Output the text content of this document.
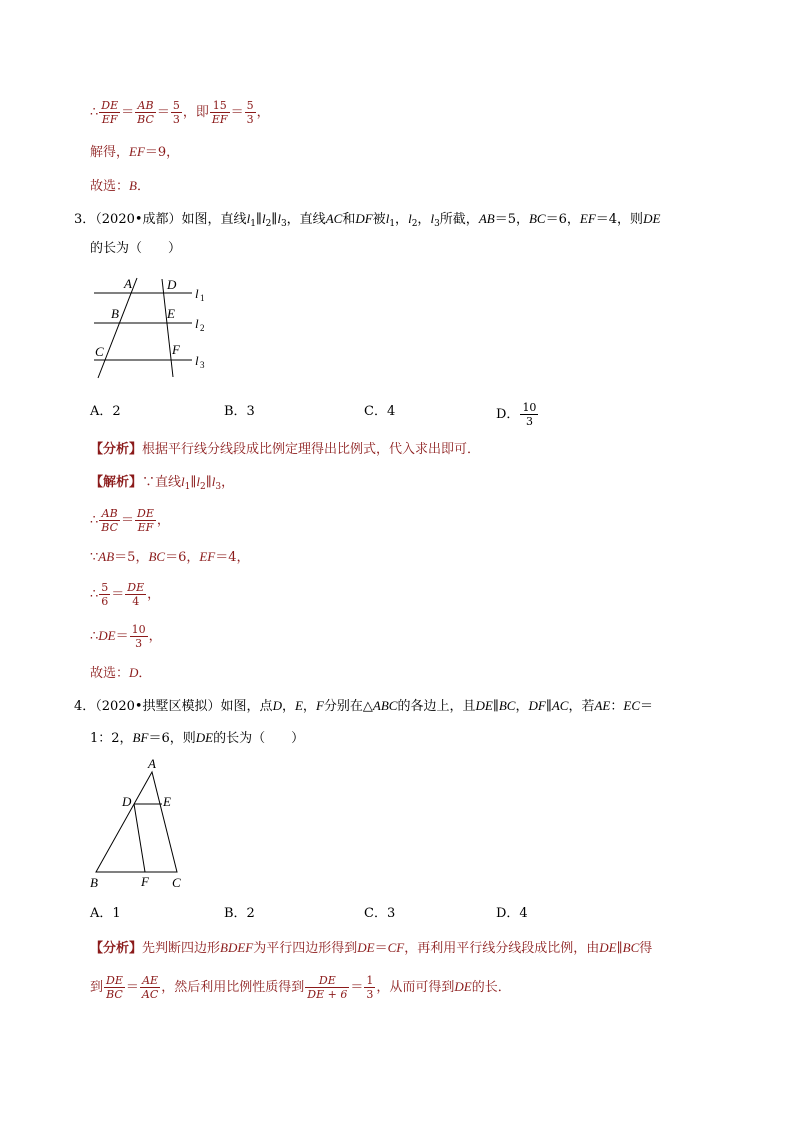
∴ $\frac{DE}{EF} = \frac{AB}{BC} = \frac{5}{3}$ ，即 $\frac{15}{EF} = \frac{5}{3}$ ，
解得，EF＝9，
故选：B．
3．（2020•成都）如图，直线$l_1\parallel l_2\parallel l_3$，直线AC和DF被$l_1$，$l_2$，$l_3$所截，AB＝5，BC＝6，EF＝4，则DE
的长为（　　）
A	D
B	E
C	F
l 1
l 2
l 3
A．2	B．3	C．4	D． $\frac{10}{3}$
【分析】根据平行线分线段成比例定理得出比例式，代入求出即可．
【解析】∵直线$l_1\parallel l_2\parallel l_3$，
∴ $\frac{AB}{BC} = \frac{DE}{EF}$ ，
∵AB＝5，BC＝6，EF＝4，
∴ $\frac{5}{6} = \frac{DE}{4}$ ，
∴DE＝ $\frac{10}{3}$ ，
故选：D．
4．（2020•拱墅区模拟）如图，点D，E，F分别在△ABC的各边上，且DE∥BC，DF∥AC，若AE：EC＝
1：2，BF＝6，则DE的长为（　　）
A
D E
B	F C
A．1	B．2	C．3	D．4
【分析】先判断四边形BDEF为平行四边形得到DE＝CF，再利用平行线分线段成比例，由DE∥BC得
到 $\frac{DE}{BC} = \frac{AE}{AC}$ ，然后利用比例性质得到 $\frac{DE}{DE + 6} = \frac{1}{3}$ ，从而可得到DE的长．
